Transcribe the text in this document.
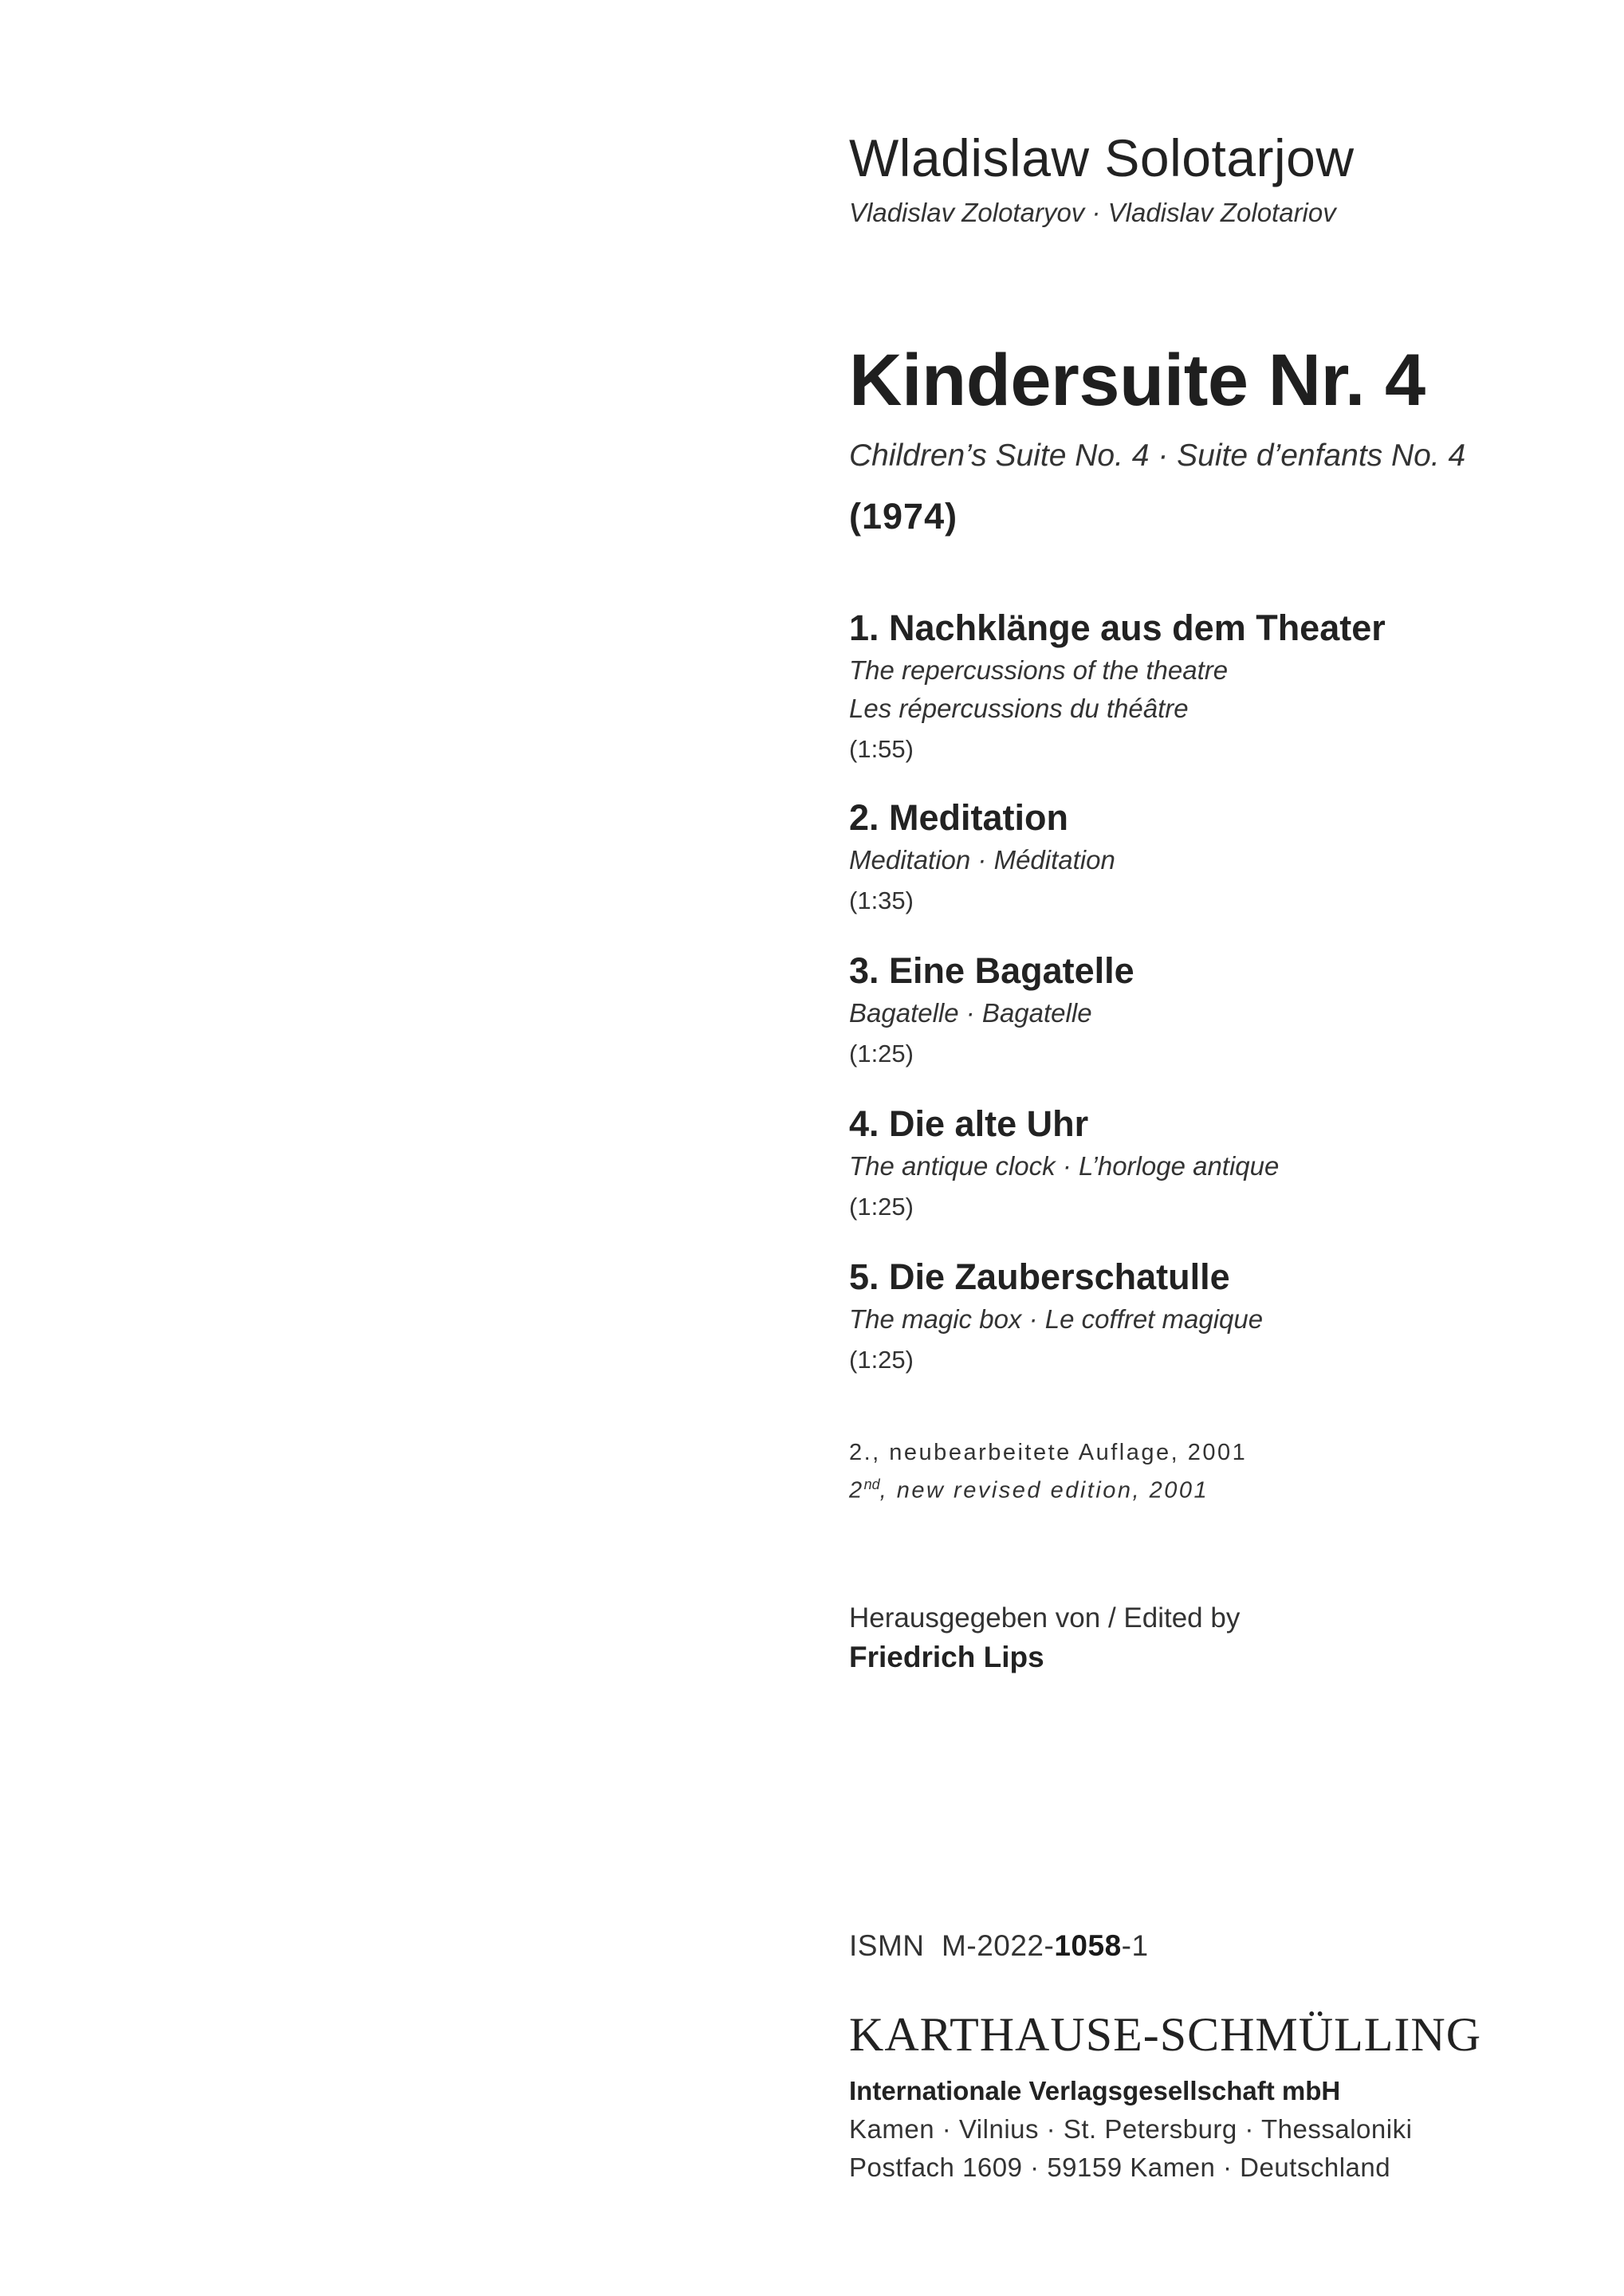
Wladislaw Solotarjow
Vladislav Zolotaryov · Vladislav Zolotariov
Kindersuite Nr. 4
Children’s Suite No. 4 · Suite d’enfants No. 4
(1974)
1. Nachklänge aus dem Theater
The repercussions of the theatre
Les répercussions du théâtre
(1:55)
2. Meditation
Meditation · Méditation
(1:35)
3. Eine Bagatelle
Bagatelle · Bagatelle
(1:25)
4. Die alte Uhr
The antique clock · L’horloge antique
(1:25)
5. Die Zauberschatulle
The magic box · Le coffret magique
(1:25)
2., neubearbeitete Auflage, 2001
2nd, new revised edition, 2001
Herausgegeben von / Edited by
Friedrich Lips
ISMN  M-2022-1058-1
KARTHAUSE-SCHMÜLLING
Internationale Verlagsgesellschaft mbH
Kamen · Vilnius · St. Petersburg · Thessaloniki
Postfach 1609 · 59159 Kamen · Deutschland
